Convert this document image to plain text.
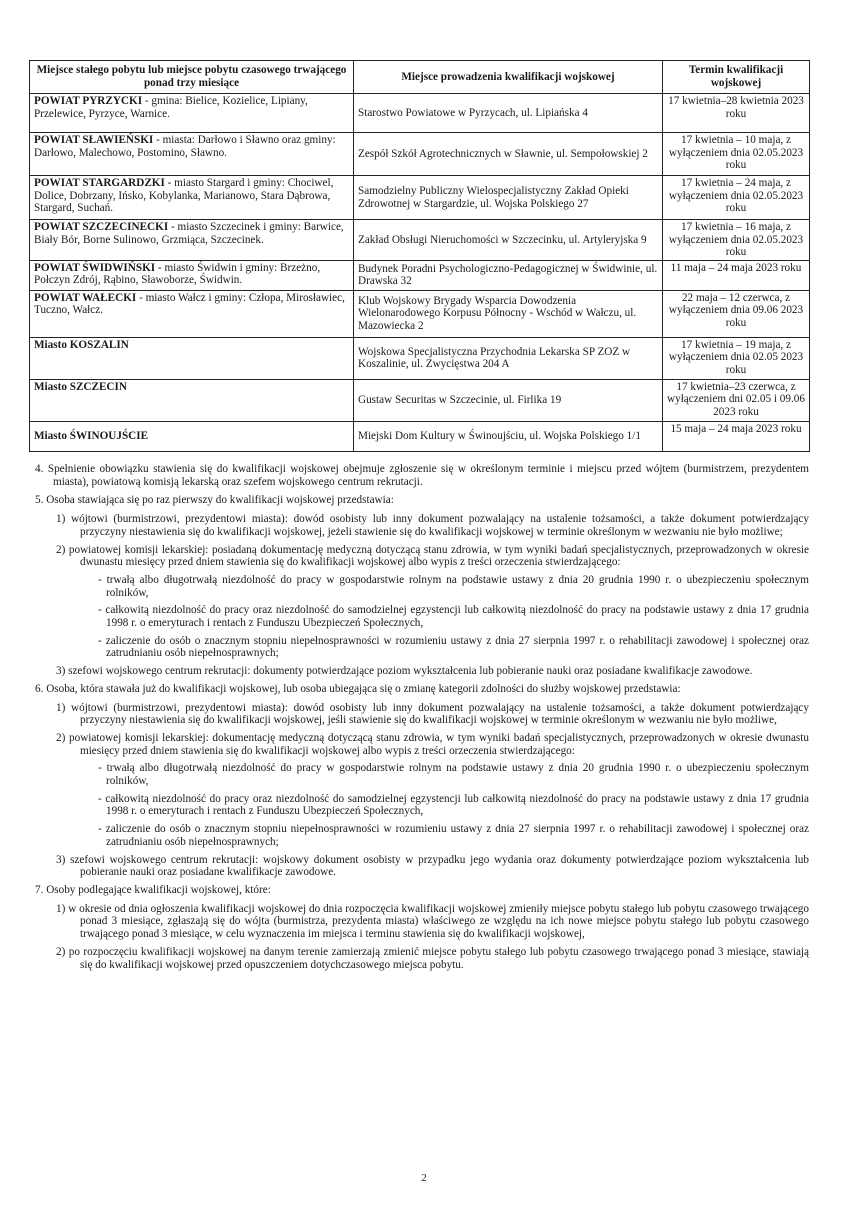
Miejsce stałego pobytu lub miejsce pobytu czasowego trwającego ponad trzy miesiące	Miejsce prowadzenia kwalifikacji wojskowej	Termin kwalifikacji wojskowej
POWIAT PYRZYCKI - gmina: Bielice, Kozielice, Lipiany, Przelewice, Pyrzyce, Warnice.	Starostwo Powiatowe w Pyrzycach, ul. Lipiańska 4	17 kwietnia–28 kwietnia 2023 roku
POWIAT SŁAWIEŃSKI - miasta: Darłowo i Sławno oraz gminy: Darłowo, Malechowo, Postomino, Sławno.	Zespół Szkół Agrotechnicznych w Sławnie, ul. Sempołowskiej 2	17 kwietnia – 10 maja, z wyłączeniem dnia 02.05.2023 roku
POWIAT STARGARDZKI - miasto Stargard i gminy: Chociwel, Dolice, Dobrzany, Ińsko, Kobylanka, Marianowo, Stara Dąbrowa, Stargard, Suchań.	Samodzielny Publiczny Wielospecjalistyczny Zakład Opieki Zdrowotnej w Stargardzie, ul. Wojska Polskiego 27	17 kwietnia – 24 maja, z wyłączeniem dnia 02.05.2023 roku
POWIAT SZCZECINECKI - miasto Szczecinek i gminy: Barwice, Biały Bór, Borne Sulinowo, Grzmiąca, Szczecinek.	Zakład Obsługi Nieruchomości w Szczecinku, ul. Artyleryjska 9	17 kwietnia – 16 maja, z wyłączeniem dnia 02.05.2023 roku
POWIAT ŚWIDWIŃSKI - miasto Świdwin i gminy: Brzeżno, Połczyn Zdrój, Rąbino, Sławoborze, Świdwin.	Budynek Poradni Psychologiczno-Pedagogicznej w Świdwinie, ul. Drawska 32	11 maja – 24 maja 2023 roku
POWIAT WAŁECKI - miasto Wałcz i gminy: Człopa, Mirosławiec, Tuczno, Wałcz.	Klub Wojskowy Brygady Wsparcia Dowodzenia Wielonarodowego Korpusu Północny - Wschód w Wałczu, ul. Mazowiecka 2	22 maja – 12 czerwca, z wyłączeniem dnia 09.06 2023 roku
Miasto KOSZALIN	Wojskowa Specjalistyczna Przychodnia Lekarska SP ZOZ w Koszalinie, ul. Zwycięstwa 204 A	17 kwietnia – 19 maja, z wyłączeniem dnia 02.05 2023 roku
Miasto SZCZECIN	Gustaw Securitas w Szczecinie, ul. Firlika 19	17 kwietnia–23 czerwca, z wyłączeniem dni 02.05 i 09.06 2023 roku
Miasto ŚWINOUJŚCIE	Miejski Dom Kultury w Świnoujściu, ul. Wojska Polskiego 1/1	15 maja – 24 maja 2023 roku

4. Spełnienie obowiązku stawienia się do kwalifikacji wojskowej obejmuje zgłoszenie się w określonym terminie i miejscu przed wójtem (burmistrzem, prezydentem miasta), powiatową komisją lekarską oraz szefem wojskowego centrum rekrutacji.

5. Osoba stawiająca się po raz pierwszy do kwalifikacji wojskowej przedstawia:

1) wójtowi (burmistrzowi, prezydentowi miasta): dowód osobisty lub inny dokument pozwalający na ustalenie tożsamości, a także dokument potwierdzający przyczyny niestawienia się do kwalifikacji wojskowej, jeżeli stawienie się do kwalifikacji wojskowej w terminie określonym w wezwaniu nie było możliwe;

2) powiatowej komisji lekarskiej: posiadaną dokumentację medyczną dotyczącą stanu zdrowia, w tym wyniki badań specjalistycznych, przeprowadzonych w okresie dwunastu miesięcy przed dniem stawienia się do kwalifikacji wojskowej albo wypis z treści orzeczenia stwierdzającego:

- trwałą albo długotrwałą niezdolność do pracy w gospodarstwie rolnym na podstawie ustawy z dnia 20 grudnia 1990 r. o ubezpieczeniu społecznym rolników,

- całkowitą niezdolność do pracy oraz niezdolność do samodzielnej egzystencji lub całkowitą niezdolność do pracy na podstawie ustawy z dnia 17 grudnia 1998 r. o emeryturach i rentach z Funduszu Ubezpieczeń Społecznych,

- zaliczenie do osób o znacznym stopniu niepełnosprawności w rozumieniu ustawy z dnia 27 sierpnia 1997 r. o rehabilitacji zawodowej i społecznej oraz zatrudnianiu osób niepełnosprawnych;

3) szefowi wojskowego centrum rekrutacji: dokumenty potwierdzające poziom wykształcenia lub pobieranie nauki oraz posiadane kwalifikacje zawodowe.

6. Osoba, która stawała już do kwalifikacji wojskowej, lub osoba ubiegająca się o zmianę kategorii zdolności do służby wojskowej przedstawia:

1) wójtowi (burmistrzowi, prezydentowi miasta): dowód osobisty lub inny dokument pozwalający na ustalenie tożsamości, a także dokument potwierdzający przyczyny niestawienia się do kwalifikacji wojskowej, jeśli stawienie się do kwalifikacji wojskowej w terminie określonym w wezwaniu nie było możliwe,

2) powiatowej komisji lekarskiej: dokumentację medyczną dotyczącą stanu zdrowia, w tym wyniki badań specjalistycznych, przeprowadzonych w okresie dwunastu miesięcy przed dniem stawienia się do kwalifikacji wojskowej albo wypis z treści orzeczenia stwierdzającego:

- trwałą albo długotrwałą niezdolność do pracy w gospodarstwie rolnym na podstawie ustawy z dnia 20 grudnia 1990 r. o ubezpieczeniu społecznym rolników,

- całkowitą niezdolność do pracy oraz niezdolność do samodzielnej egzystencji lub całkowitą niezdolność do pracy na podstawie ustawy z dnia 17 grudnia 1998 r. o emeryturach i rentach z Funduszu Ubezpieczeń Społecznych,

- zaliczenie do osób o znacznym stopniu niepełnosprawności w rozumieniu ustawy z dnia 27 sierpnia 1997 r. o rehabilitacji zawodowej i społecznej oraz zatrudnianiu osób niepełnosprawnych;

3) szefowi wojskowego centrum rekrutacji: wojskowy dokument osobisty w przypadku jego wydania oraz dokumenty potwierdzające poziom wykształcenia lub pobieranie nauki oraz posiadane kwalifikacje zawodowe.

7. Osoby podlegające kwalifikacji wojskowej, które:

1) w okresie od dnia ogłoszenia kwalifikacji wojskowej do dnia rozpoczęcia kwalifikacji wojskowej zmieniły miejsce pobytu stałego lub pobytu czasowego trwającego ponad 3 miesiące, zgłaszają się do wójta (burmistrza, prezydenta miasta) właściwego ze względu na ich nowe miejsce pobytu stałego lub pobytu czasowego trwającego ponad 3 miesiące, w celu wyznaczenia im miejsca i terminu stawienia się do kwalifikacji wojskowej,

2) po rozpoczęciu kwalifikacji wojskowej na danym terenie zamierzają zmienić miejsce pobytu stałego lub pobytu czasowego trwającego ponad 3 miesiące, stawiają się do kwalifikacji wojskowej przed opuszczeniem dotychczasowego miejsca pobytu.

2
